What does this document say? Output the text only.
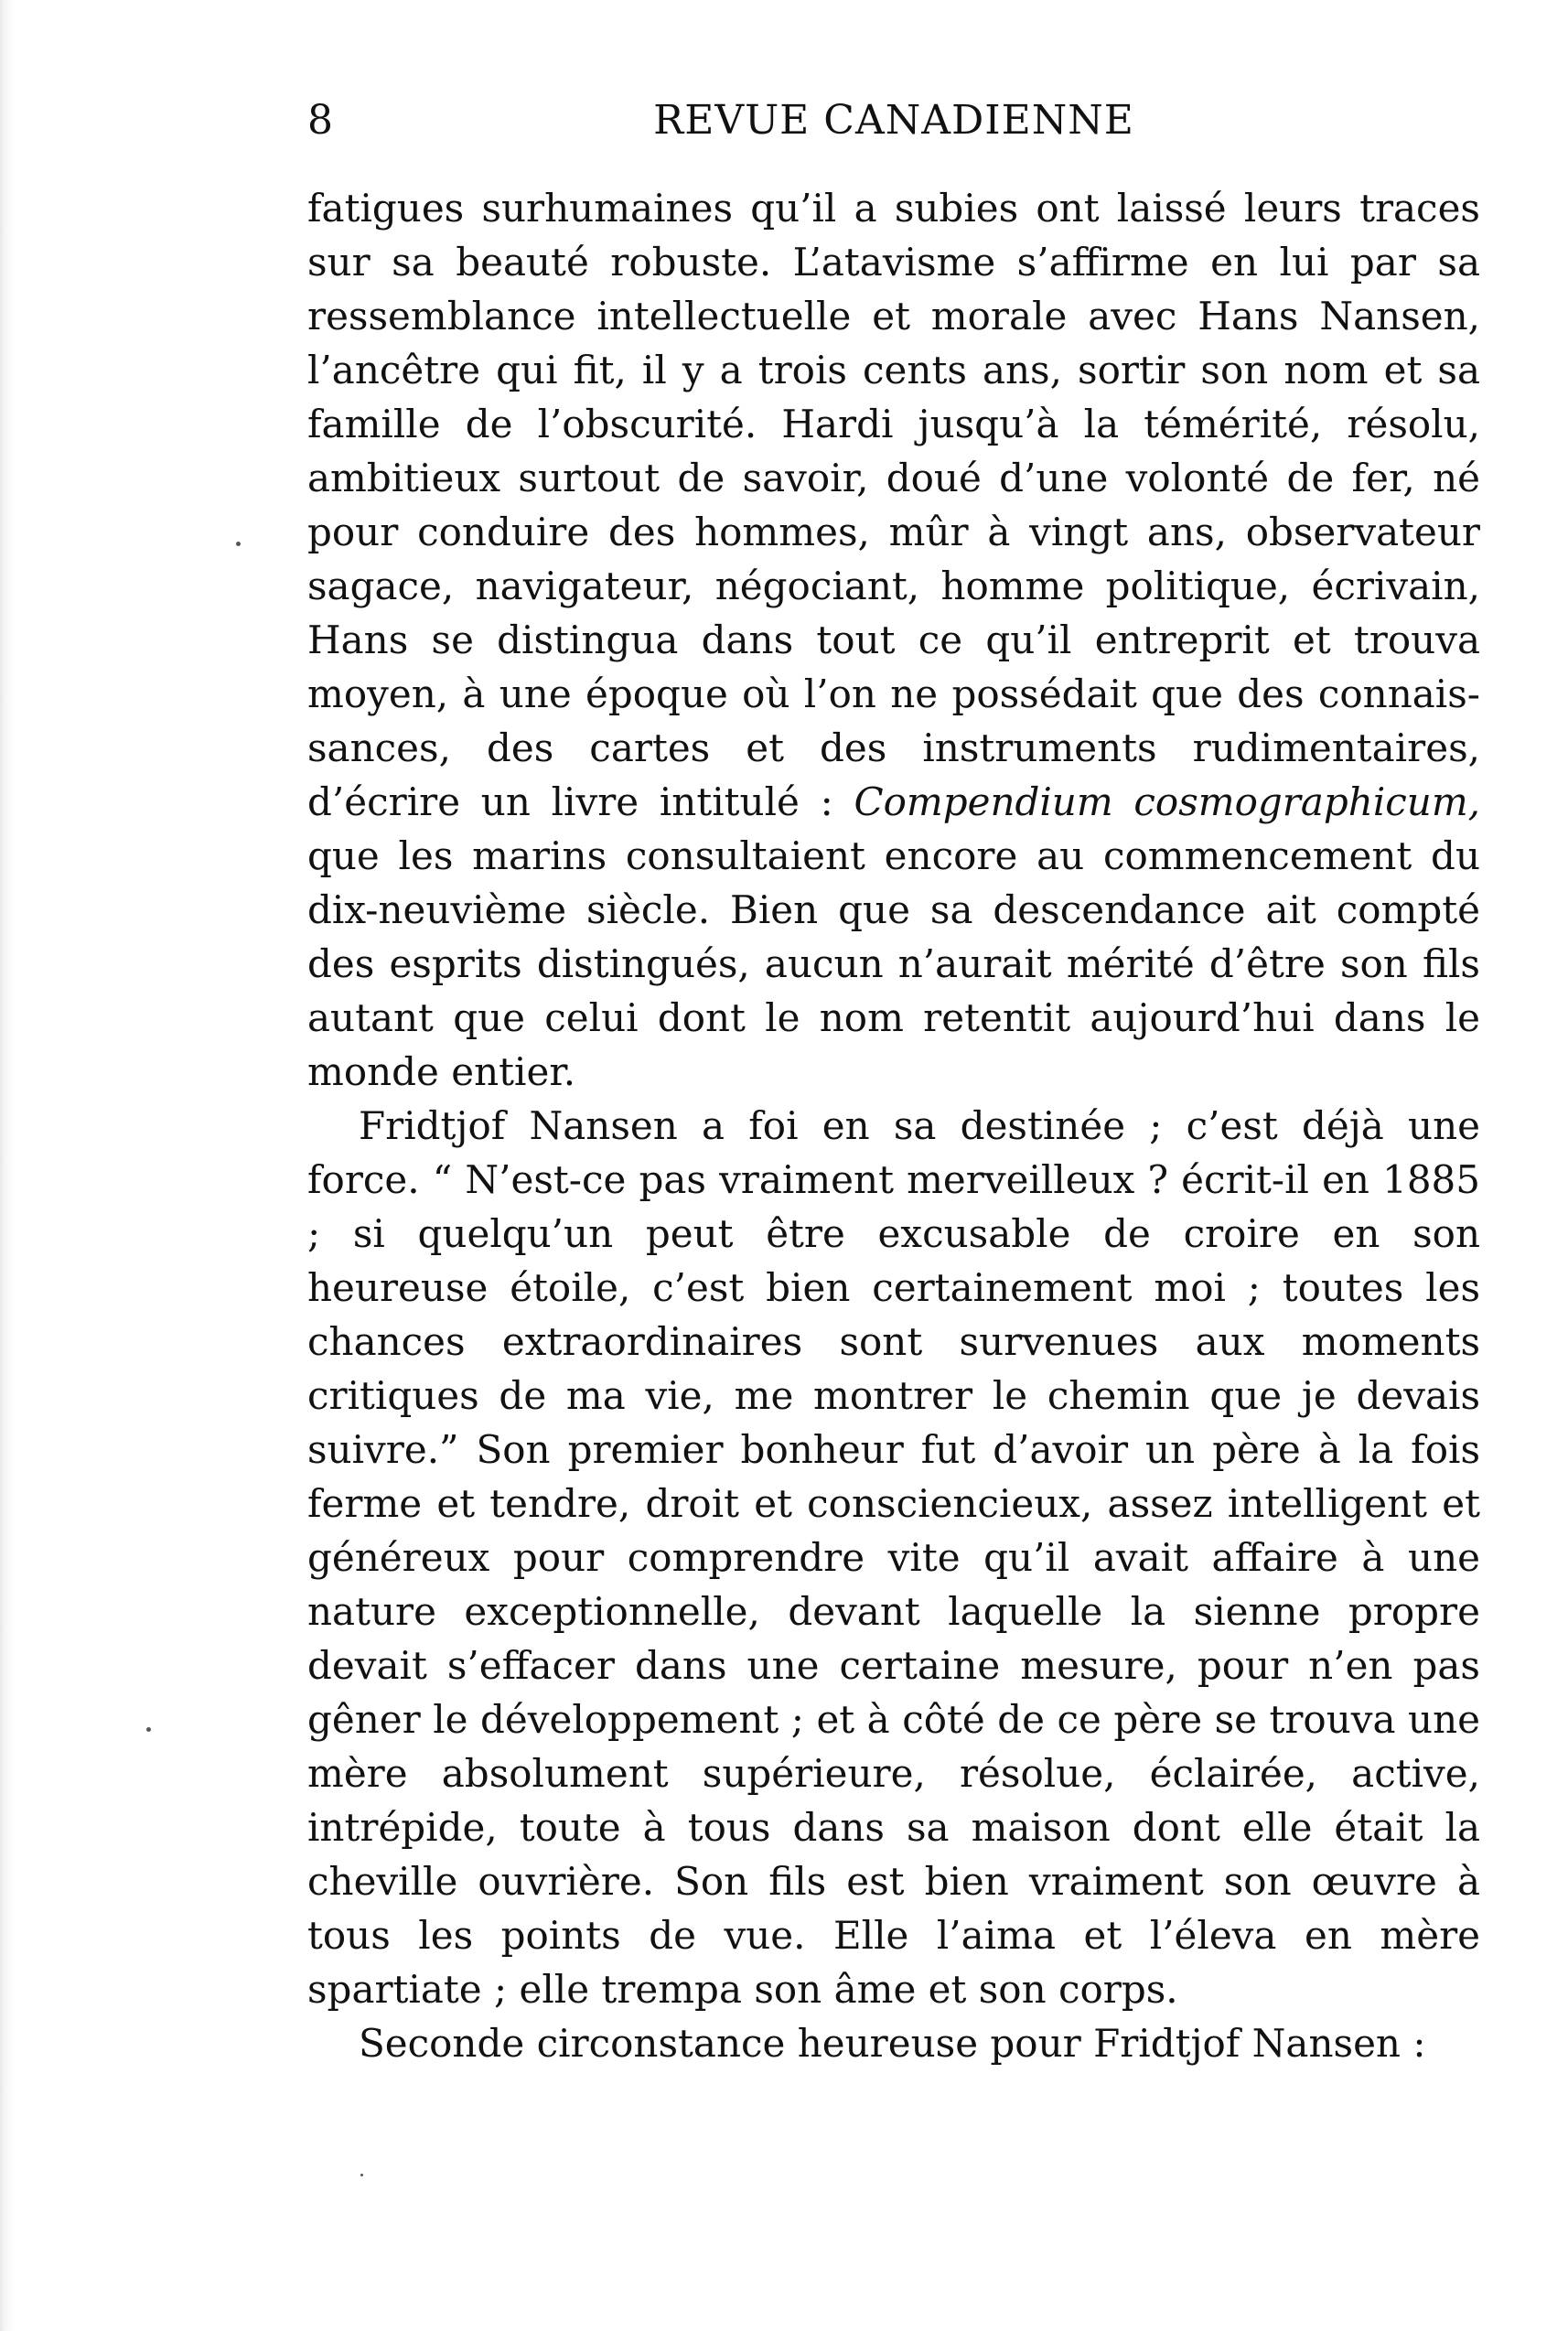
8	REVUE CANADIENNE

fatigues surhumaines qu’il a subies ont laissé leurs traces sur sa beauté robuste. L’atavisme s’affirme en lui par sa ressemblance intellectuelle et morale avec Hans Nansen, l’ancêtre qui fit, il y a trois cents ans, sortir son nom et sa famille de l’obscurité. Hardi jusqu’à la témérité, résolu, ambitieux surtout de savoir, doué d’une volonté de fer, né pour conduire des hommes, mûr à vingt ans, observateur sagace, navigateur, négociant, homme politique, écrivain, Hans se distingua dans tout ce qu’il entreprit et trouva moyen, à une époque où l’on ne possédait que des connaissances, des cartes et des instruments rudimentaires, d’écrire un livre intitulé : Compendium cosmographicum, que les marins consultaient encore au commencement du dix-neuvième siècle. Bien que sa descendance ait compté des esprits distingués, aucun n’aurait mérité d’être son fils autant que celui dont le nom retentit aujourd’hui dans le monde entier.

Fridtjof Nansen a foi en sa destinée ; c’est déjà une force. “ N’est-ce pas vraiment merveilleux ? écrit-il en 1885 ; si quelqu’un peut être excusable de croire en son heureuse étoile, c’est bien certainement moi ; toutes les chances extraordinaires sont survenues aux moments critiques de ma vie, me montrer le chemin que je devais suivre.” Son premier bonheur fut d’avoir un père à la fois ferme et tendre, droit et consciencieux, assez intelligent et généreux pour comprendre vite qu’il avait affaire à une nature exceptionnelle, devant laquelle la sienne propre devait s’effacer dans une certaine mesure, pour n’en pas gêner le développement ; et à côté de ce père se trouva une mère absolument supérieure, résolue, éclairée, active, intrépide, toute à tous dans sa maison dont elle était la cheville ouvrière. Son fils est bien vraiment son œuvre à tous les points de vue. Elle l’aima et l’éleva en mère spartiate ; elle trempa son âme et son corps.

Seconde circonstance heureuse pour Fridtjof Nansen :
